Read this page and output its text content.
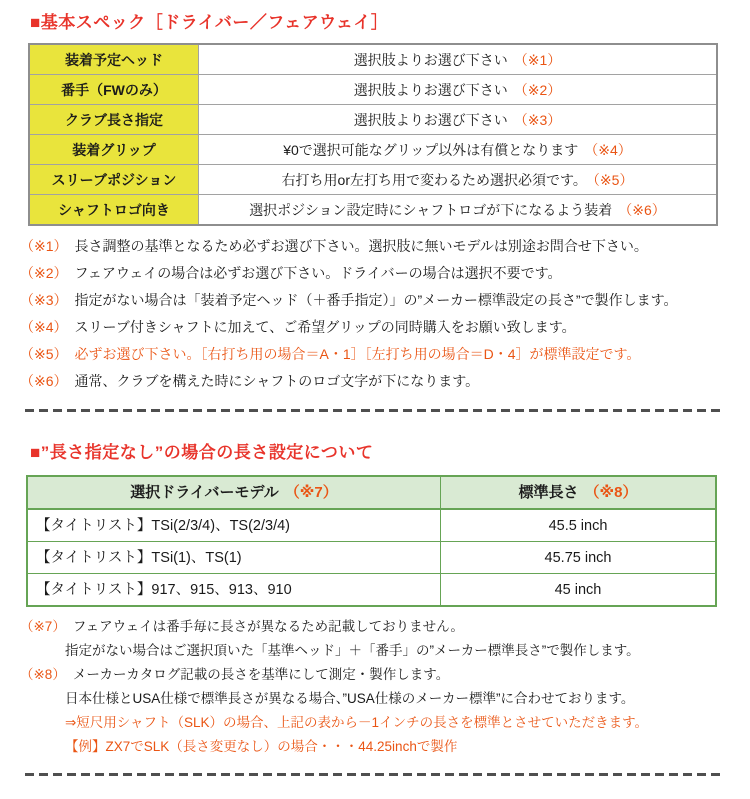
■基本スペック［ドライバー／フェアウェイ］
装着予定ヘッド	選択肢よりお選び下さい （※1）
番手（FWのみ）	選択肢よりお選び下さい （※2）
クラブ長さ指定	選択肢よりお選び下さい （※3）
装着グリップ	¥0で選択可能なグリップ以外は有償となります （※4）
スリーブポジション	右打ち用or左打ち用で変わるため選択必須です。 （※5）
シャフトロゴ向き	選択ポジション設定時にシャフトロゴが下になるよう装着 （※6）
（※1） 長さ調整の基準となるため必ずお選び下さい。選択肢に無いモデルは別途お問合せ下さい。
（※2） フェアウェイの場合は必ずお選び下さい。ドライバーの場合は選択不要です。
（※3） 指定がない場合は「装着予定ヘッド（＋番手指定）」の”メーカー標準設定の長さ”で製作します。
（※4） スリーブ付きシャフトに加えて、ご希望グリップの同時購入をお願い致します。
（※5） 必ずお選び下さい。［右打ち用の場合＝A・1］［左打ち用の場合＝D・4］が標準設定です。
（※6） 通常、クラブを構えた時にシャフトのロゴ文字が下になります。
■”長さ指定なし”の場合の長さ設定について
選択ドライバーモデル （※7）	標準長さ （※8）
【タイトリスト】TSi(2/3/4)、TS(2/3/4)	45.5 inch
【タイトリスト】TSi(1)、TS(1)	45.75 inch
【タイトリスト】917、915、913、910	45 inch
（※7） フェアウェイは番手毎に長さが異なるため記載しておりません。
指定がない場合はご選択頂いた「基準ヘッド」＋「番手」の”メーカー標準長さ”で製作します。
（※8） メーカーカタログ記載の長さを基準にして測定・製作します。
日本仕様とUSA仕様で標準長さが異なる場合、”USA仕様のメーカー標準”に合わせております。
⇒短尺用シャフト（SLK）の場合、上記の表から－1インチの長さを標準とさせていただきます。
【例】ZX7でSLK（長さ変更なし）の場合・・・44.25inchで製作
